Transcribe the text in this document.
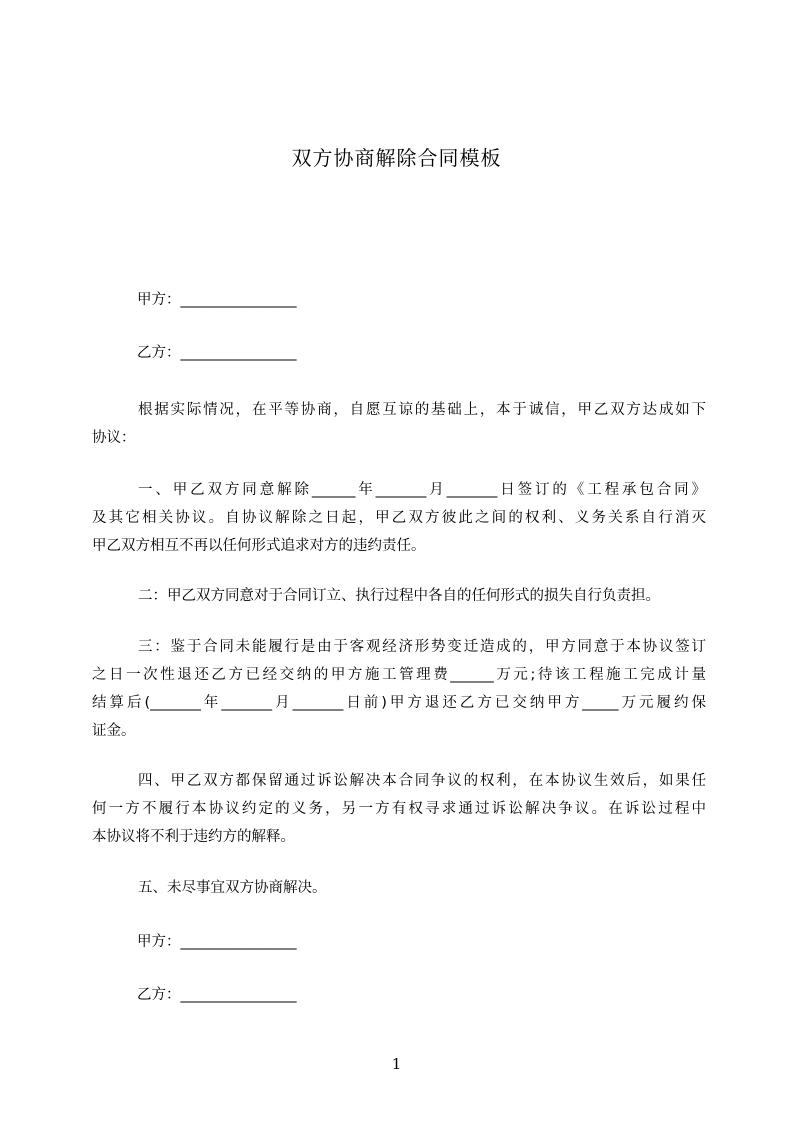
双方协商解除合同模板
甲方：________________
乙方：________________
根据实际情况，在平等协商，自愿互谅的基础上，本于诚信，甲乙双方达成如下
协议：
一、甲乙双方同意解除______年_______月_______日签订的《工程承包合同》
及其它相关协议。自协议解除之日起，甲乙双方彼此之间的权利、义务关系自行消灭
甲乙双方相互不再以任何形式追求对方的违约责任。
二：甲乙双方同意对于合同订立、执行过程中各自的任何形式的损失自行负责担。
三：鉴于合同未能履行是由于客观经济形势变迁造成的，甲方同意于本协议签订
之日一次性退还乙方已经交纳的甲方施工管理费______万元;待该工程施工完成计量
结算后(_______年_______月_______日前)甲方退还乙方已交纳甲方_____万元履约保
证金。
四、甲乙双方都保留通过诉讼解决本合同争议的权利，在本协议生效后，如果任
何一方不履行本协议约定的义务，另一方有权寻求通过诉讼解决争议。在诉讼过程中
本协议将不利于违约方的解释。
五、未尽事宜双方协商解决。
甲方：________________
乙方：________________
1
